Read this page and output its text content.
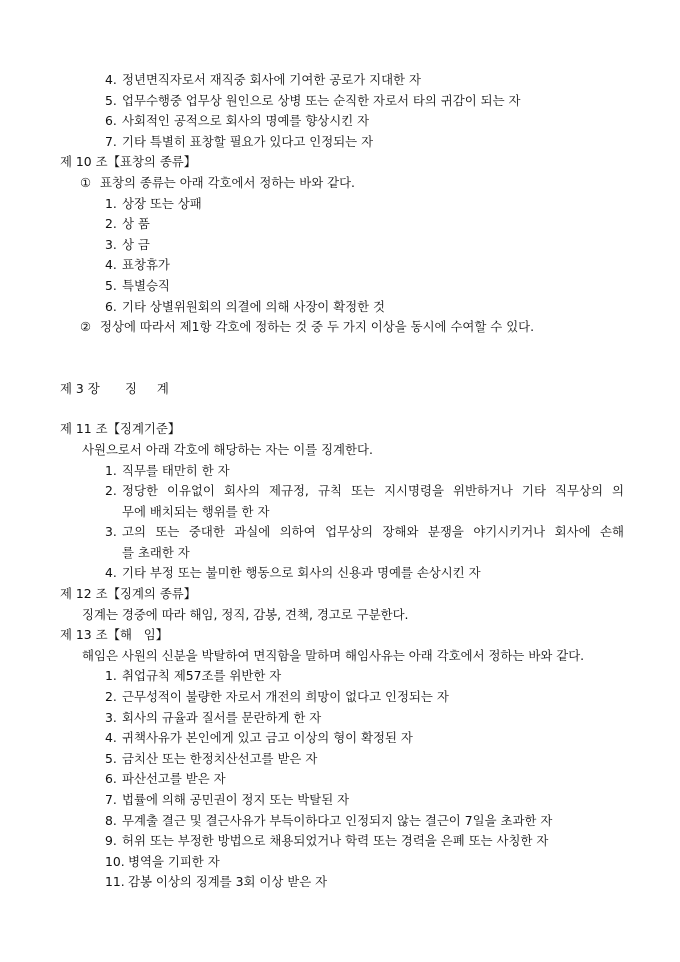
4. 정년면직자로서 재직중 회사에 기여한 공로가 지대한 자
5. 업무수행중 업무상 원인으로 상병 또는 순직한 자로서 타의 귀감이 되는 자
6. 사회적인 공적으로 회사의 명예를 향상시킨 자
7. 기타 특별히 표창할 필요가 있다고 인정되는 자
제 10 조【표창의 종류】
① 표창의 종류는 아래 각호에서 정하는 바와 같다.
1. 상장 또는 상패
2. 상 품
3. 상 금
4. 표창휴가
5. 특별승직
6. 기타 상별위원회의 의결에 의해 사장이 확정한 것
② 정상에 따라서 제1항 각호에 정하는 것 중 두 가지 이상을 동시에 수여할 수 있다.
제 3 장 징 계
제 11 조【징계기준】
사원으로서 아래 각호에 해당하는 자는 이를 징계한다.
1. 직무를 태만히 한 자
2. 정당한 이유없이 회사의 제규정, 규칙 또는 지시명령을 위반하거나 기타 직무상의 의
무에 배치되는 행위를 한 자
3. 고의 또는 중대한 과실에 의하여 업무상의 장해와 분쟁을 야기시키거나 회사에 손해
를 초래한 자
4. 기타 부정 또는 불미한 행동으로 회사의 신용과 명예를 손상시킨 자
제 12 조【징계의 종류】
징계는 경중에 따라 해임, 정직, 감봉, 견책, 경고로 구분한다.
제 13 조【해   임】
해임은 사원의 신분을 박탈하여 면직함을 말하며 해임사유는 아래 각호에서 정하는 바와 같다.
1. 취업규칙 제57조를 위반한 자
2. 근무성적이 불량한 자로서 개전의 희망이 없다고 인정되는 자
3. 회사의 규율과 질서를 문란하게 한 자
4. 귀책사유가 본인에게 있고 금고 이상의 형이 확정된 자
5. 금치산 또는 한정치산선고를 받은 자
6. 파산선고를 받은 자
7. 법률에 의해 공민권이 정지 또는 박탈된 자
8. 무계출 결근 및 결근사유가 부득이하다고 인정되지 않는 결근이 7일을 초과한 자
9. 허위 또는 부정한 방법으로 채용되었거나 학력 또는 경력을 은폐 또는 사칭한 자
10. 병역을 기피한 자
11. 감봉 이상의 징계를 3회 이상 받은 자
